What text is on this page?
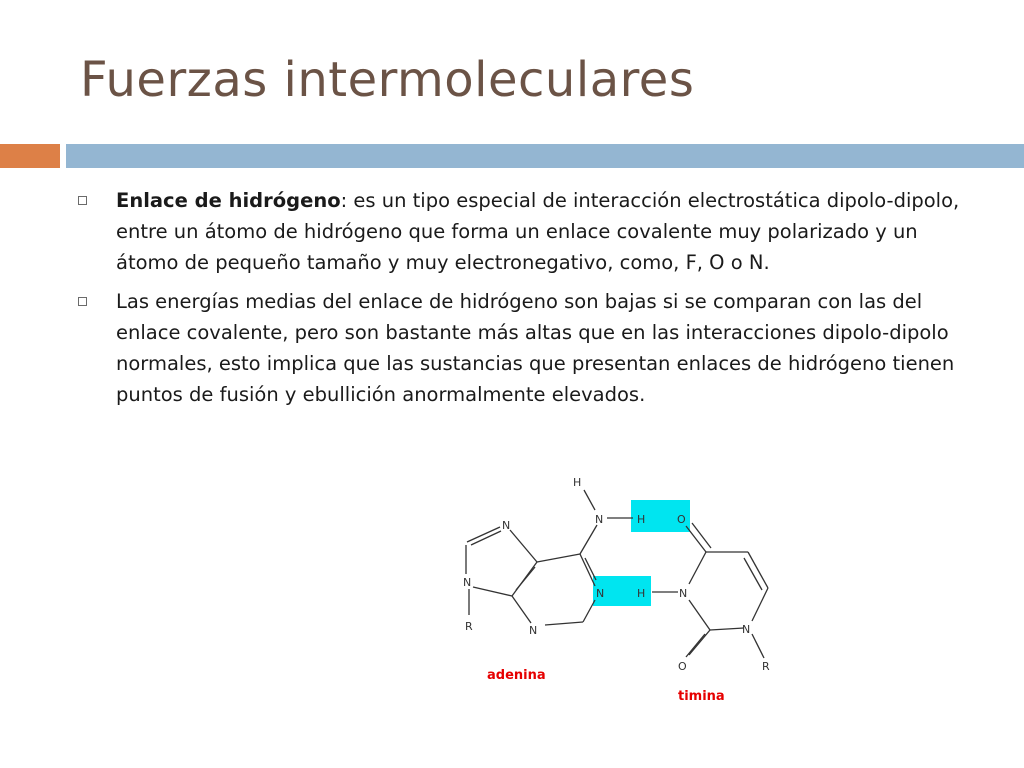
Fuerzas intermoleculares
Enlace de hidrógeno: es un tipo especial de interacción electrostática dipolo-dipolo, entre un átomo de hidrógeno que forma un enlace covalente muy polarizado y un átomo de pequeño tamaño y muy electronegativo, como, F, O o N.
Las energías medias del enlace de hidrógeno son bajas si se comparan con las del enlace covalente, pero son bastante más altas que en las interacciones dipolo-dipolo normales, esto implica que las sustancias que presentan enlaces de hidrógeno tienen puntos de fusión y ebullición anormalmente elevados.
H
N	H	O
N
N
R
N
N
H	N
N
R
O
adenina
timina
